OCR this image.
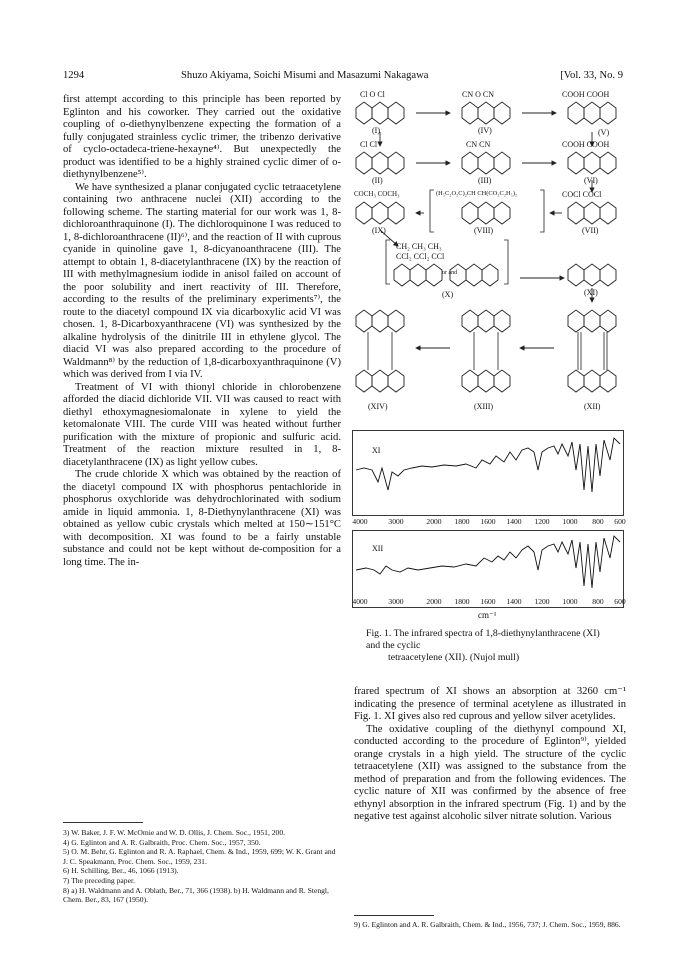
1294	Shuzo Akiyama, Soichi Misumi and Masazumi Nakagawa	[Vol. 33, No. 9

first attempt according to this principle has been reported by Eglinton and his coworker. They carried out the oxidative coupling of o-diethynylbenzene expecting the formation of a fully conjugated strainless cyclic trimer, the tribenzo derivative of cyclo-octadeca-triene-hexayne⁴⁾. But unexpectedly the product was identified to be a highly strained cyclic dimer of o-diethynylbenzene⁵⁾.

We have synthesized a planar conjugated cyclic tetraacetylene containing two anthracene nuclei (XII) according to the following scheme. The starting material for our work was 1, 8-dichloroanthraquinone (I). The dichloroquinone I was reduced to 1, 8-dichloroanthracene (II)⁶⁾, and the reaction of II with cuprous cyanide in quinoline gave 1, 8-dicyanoanthracene (III). The attempt to obtain 1, 8-diacetylanthracene (IX) by the reaction of III with methylmagnesium iodide in anisol failed on account of the poor solubility and inert reactivity of III. Therefore, according to the results of the preliminary experiments⁷⁾, the route to the diacetyl compound IX via dicarboxylic acid VI was chosen. 1, 8-Dicarboxyanthracene (VI) was synthesized by the alkaline hydrolysis of the dinitrile III in ethylene glycol. The diacid VI was also prepared according to the procedure of Waldmann⁸⁾ by the reduction of 1,8-dicarboxyanthraquinone (V) which was derived from I via IV.

Treatment of VI with thionyl chloride in chlorobenzene afforded the diacid dichloride VII. VII was caused to react with diethyl ethoxymagnesiomalonate in xylene to yield the ketomalonate VIII. The curde VIII was heated without further purification with the mixture of propionic and sulfuric acid. Treatment of the reaction mixture resulted in 1, 8-diacetylanthracene (IX) as light yellow cubes.

The crude chloride X which was obtained by the reaction of the diacetyl compound IX with phosphorus pentachloride in phosphorus oxychloride was dehydrochlorinated with sodium amide in liquid ammonia. 1, 8-Diethynylanthracene (XI) was obtained as yellow cubic crystals which melted at 150∼151°C with decomposition. XI was found to be a fairly unstable substance and could not be kept without de-composition for a long time. The in-

3) W. Baker, J. F. W. McOmie and W. D. Ollis, J. Chem. Soc., 1951, 200.
4) G. Eglinton and A. R. Galbraith, Proc. Chem. Soc., 1957, 350.
5) O. M. Behr, G. Eglinton and R. A. Raphael, Chem. & Ind., 1959, 699; W. K. Grant and J. C. Speakmann, Proc. Chem. Soc., 1959, 231.
6) H. Schilling, Ber., 46, 1066 (1913).
7) The preceding paper.
8) a) H. Waldmann and A. Oblath, Ber., 71, 366 (1938). b) H. Waldmann and R. Stengl, Chem. Ber., 83, 167 (1950).
Cl O Cl	CN O CN	COOH COOH
Cl Cl	CN CN	COOH COOH
COCH₃ COCH₃	(H₅C₂O₂C)₂CH CH(CO₂C₂H₅)₂	COCl COCl
CH₂ CH₃ CH₃
CCl₂ CCl₂ CCl
or and
(I)	(IV)	(V)
(II)	(III)	(VI)
(IX)	(VIII)	(VII)
(X)	(XI)
(XIV)	(XIII)	(XII)
XI
4000	3000	2000 1800 1600 1400 1200 1000 800 600
XII
4000	3000	2000 1800 1600 1400 1200 1000 800 600
cm⁻¹
Fig. 1. The infrared spectra of 1,8-diethynylanthracene (XI) and the cyclic
tetraacetylene (XII). (Nujol mull)

frared spectrum of XI shows an absorption at 3260 cm⁻¹ indicating the presence of terminal acetylene as illustrated in Fig. 1. XI gives also red cuprous and yellow silver acetylides.

The oxidative coupling of the diethynyl compound XI, conducted according to the procedure of Eglinton⁹⁾, yielded orange crystals in a high yield. The structure of the cyclic tetraacetylene (XII) was assigned to the substance from the method of preparation and from the following evidences. The cyclic nature of XII was confirmed by the absence of free ethynyl absorption in the infrared spectrum (Fig. 1) and by the negative test against alcoholic silver nitrate solution. Various

9) G. Eglinton and A. R. Galbraith, Chem. & Ind., 1956, 737; J. Chem. Soc., 1959, 886.
